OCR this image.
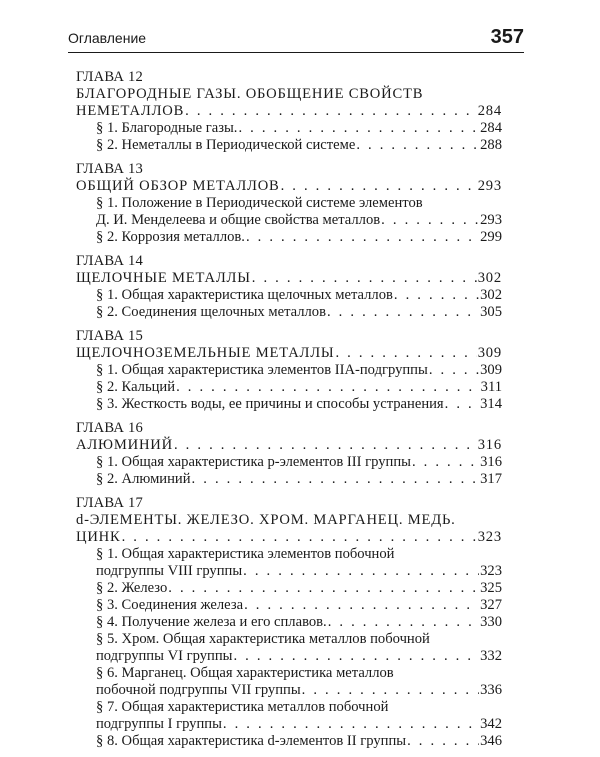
Оглавление	357
ГЛАВА 12
БЛАГОРОДНЫЕ ГАЗЫ. ОБОБЩЕНИЕ СВОЙСТВ
НЕМЕТАЛЛОВ . . .	284
§ 1. Благородные газы. . . .	284
§ 2. Неметаллы в Периодической системе . . .	288
ГЛАВА 13
ОБЩИЙ ОБЗОР МЕТАЛЛОВ . . .	293
§ 1. Положение в Периодической системе элементов
Д. И. Менделеева и общие свойства металлов . . .	293
§ 2. Коррозия металлов. . . .	299
ГЛАВА 14
ЩЕЛОЧНЫЕ МЕТАЛЛЫ . . .	302
§ 1. Общая характеристика щелочных металлов . . .	302
§ 2. Соединения щелочных металлов . . .	305
ГЛАВА 15
ЩЕЛОЧНОЗЕМЕЛЬНЫЕ МЕТАЛЛЫ . . .	309
§ 1. Общая характеристика элементов IIA-подгруппы . . .	309
§ 2. Кальций . . .	311
§ 3. Жесткость воды, ее причины и способы устранения . . . 314
ГЛАВА 16
АЛЮМИНИЙ . . .	316
§ 1. Общая характеристика p-элементов III группы . . .	316
§ 2. Алюминий . . .	317
ГЛАВА 17
d-ЭЛЕМЕНТЫ. ЖЕЛЕЗО. ХРОМ. МАРГАНЕЦ. МЕДЬ.
ЦИНК . . .	323
§ 1. Общая характеристика элементов побочной
подгруппы VIII группы . . .	323
§ 2. Железо . . .	325
§ 3. Соединения железа . . .	327
§ 4. Получение железа и его сплавов. . . .	330
§ 5. Хром. Общая характеристика металлов побочной
подгруппы VI группы . . .	332
§ 6. Марганец. Общая характеристика металлов
побочной подгруппы VII группы . . .	336
§ 7. Общая характеристика металлов побочной
подгруппы I группы . . .	342
§ 8. Общая характеристика d-элементов II группы . . .	346
